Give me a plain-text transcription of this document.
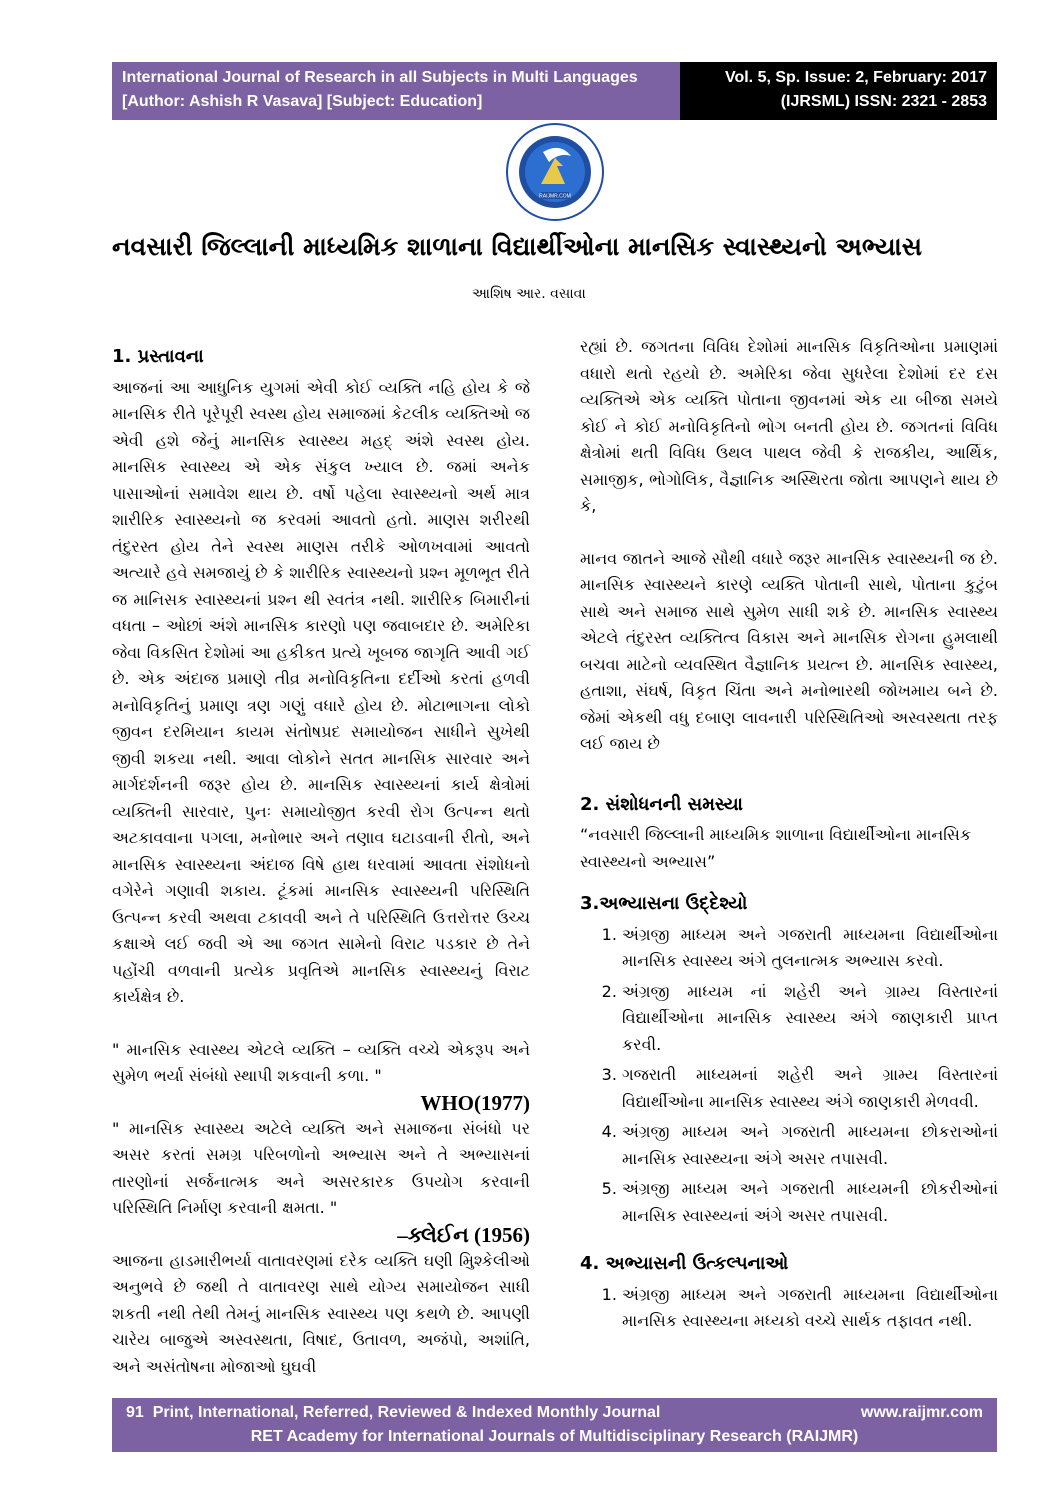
International Journal of Research in all Subjects in Multi Languages
[Author: Ashish R Vasava] [Subject: Education]
Vol. 5, Sp. Issue: 2, February: 2017
(IJRSML) ISSN: 2321 - 2853
RAIJMR.COM
નવસારી જિલ્લાની માધ્યમિક શાળાના વિદ્યાર્થીઓના માનસિક સ્વાસ્થ્યનો અભ્યાસ
આશિષ આર. વસાવા
1. પ્રસ્તાવના

આજનાં આ આધુનિક યુગમાં એવી કોઈ વ્યક્તિ નહિ હોય કે જે માનસિક રીતે પૂરેપૂરી સ્વસ્થ હોય સમાજમાં કેટલીક વ્યક્તિઓ જ એવી હશે જેનું માનસિક સ્વાસ્થ્ય મહદ્ અંશે સ્વસ્થ હોય. માનસિક સ્વાસ્થ્ય એ એક સંકુલ ખ્યાલ છે. જમાં અનેક પાસાઓનાં સમાવેશ થાય છે. વર્ષો પહેલા સ્વાસ્થ્યનો અર્થ માત્ર શારીરિક સ્વાસ્થ્યનો જ કરવમાં આવતો હતો. માણસ શરીરથી તંદુરસ્ત હોય તેને સ્વસ્થ માણસ તરીકે ઓળખવામાં આવતો અત્યારે હવે સમજાયું છે કે શારીરિક સ્વાસ્થ્યનો પ્રશ્ન મૂળભૂત રીતે જ માનિસક સ્વાસ્થ્યનાં પ્રશ્ન થી સ્વતંત્ર નથી. શારીરિક બિમારીનાં વધતા – ઓછાં અંશે માનસિક કારણો પણ જવાબદાર છે. અમેરિકા જેવા વિકસિત દેશોમાં આ હકીકત પ્રત્યે ખૂબજ જાગૃતિ આવી ગઈ છે. એક અંદાજ પ્રમાણે તીવ્ર મનોવિકૃતિના દર્દીઓ કરતાં હળવી મનોવિકૃતિનું પ્રમાણ ત્રણ ગણું વધારે હોય છે. મોટાભાગના લોકો જીવન દરમિયાન કાયમ સંતોષપ્રદ સમાયોજન સાધીને સુખેથી જીવી શકયા નથી. આવા લોકોને સતત માનસિક સારવાર અને માર્ગદર્શનની જરૂર હોય છે. માનસિક સ્વાસ્થ્યનાં કાર્ય ક્ષેત્રોમાં વ્યક્તિની સારવાર, પુનઃ સમાયોજીત કરવી રોગ ઉત્પન્ન થતો અટકાવવાના પગલા, મનોભાર અને તણાવ ઘટાડવાની રીતો, અને માનસિક સ્વાસ્થ્યના અંદાજ વિષે હાથ ધરવામાં આવતા સંશોધનો વગેરેને ગણાવી શકાય. ટૂંકમાં માનસિક સ્વાસ્થ્યની પરિસ્થિતિ ઉત્પન્ન કરવી અથવા ટકાવવી અને તે પરિસ્થિતિ ઉત્તરોત્તર ઉચ્ચ કક્ષાએ લઈ જવી એ આ જગત સામેનો વિરાટ પડકાર છે તેને પહોંચી વળવાની પ્રત્યેક પ્રવૃતિએ માનસિક સ્વાસ્થ્યનું વિરાટ કાર્યક્ષેત્ર છે.

" માનસિક સ્વાસ્થ્ય એટલે વ્યક્તિ – વ્યક્તિ વચ્ચે એકરૂપ અને સુમેળ ભર્યા સંબંધો સ્થાપી શકવાની કળા. "

WHO(1977)

" માનસિક સ્વાસ્થ્ય અટેલે વ્યક્તિ અને સમાજના સંબંધો પર અસર કરતાં સમગ્ર પરિબળોનો અભ્યાસ અને તે અભ્યાસનાં તારણોનાં સર્જનાત્મક અને અસરકારક ઉપયોગ કરવાની પરિસ્થિતિ નિર્માણ કરવાની ક્ષમતા. "

–ક્લેઈન (1956)

આજના હાડમારીભર્યા વાતાવરણમાં દરેક વ્યક્તિ ઘણી મુિશ્કેલીઓ અનુભવે છે જથી તે વાતાવરણ સાથે યોગ્ય સમાયોજન સાધી શકતી નથી તેથી તેમનું માનસિક સ્વાસ્થ્ય પણ કથળે છે. આપણી ચારેય બાજુએ અસ્વસ્થતા, વિષાદ, ઉતાવળ, અજંપો, અશાંતિ, અને અસંતોષના મોજાઓ ઘુઘવી

રહ્યાં છે. જગતના વિવિધ દેશોમાં માનસિક વિકૃતિઓના પ્રમાણમાં વધારો થતો રહયો છે. અમેરિકા જેવા સુધરેલા દેશોમાં દર દસ વ્યક્તિએ એક વ્યક્તિ પોતાના જીવનમાં એક યા બીજા સમયે કોઈ ને કોઈ મનોવિકૃતિનો ભોગ બનતી હોય છે. જગતનાં વિવિધ ક્ષેત્રોમાં થતી વિવિધ ઉથલ પાથલ જેવી કે રાજકીય, આર્થિક, સમાજીક, ભોગોલિક, વૈજ્ઞાનિક અસ્થિરતા જોતા આપણને થાય છે કે,

માનવ જાતને આજે સૌથી વધારે જરૂર માનસિક સ્વાસ્થ્યની જ છે. માનસિક સ્વાસ્થ્યને કારણે વ્યક્તિ પોતાની સાથે, પોતાના કુટુંબ સાથે અને સમાજ સાથે સુમેળ સાધી શકે છે. માનસિક સ્વાસ્થ્ય એટલે તંદુરસ્ત વ્યક્તિત્વ વિકાસ અને માનસિક રોગના હુમલાથી બચવા માટેનો વ્યવસ્થિત વૈજ્ઞાનિક પ્રયત્ન છે. માનસિક સ્વાસ્થ્ય, હતાશા, સંઘર્ષ, વિકૃત ચિંતા અને મનોભારથી જોખમાય બને છે. જેમાં એકથી વધુ દબાણ લાવનારી પરિસ્થિતિઓ અસ્વસ્થતા તરફ લઈ જાય છે

2. સંશોધનની સમસ્યા

“નવસારી જિલ્લાની માધ્યમિક શાળાના વિદ્યાર્થીઓના માનસિક સ્વાસ્થ્યનો અભ્યાસ”

3.અભ્યાસના ઉદ્દેશ્યો
1. અંગ્રજી માધ્યમ અને ગજરાતી માધ્યમના વિદ્યાર્થીઓના માનસિક સ્વાસ્થ્ય અંગે તુલનાત્મક અભ્યાસ કરવો.
2. અંગ્રજી માધ્યમ નાં શહેરી અને ગ્રામ્ય વિસ્તારનાં વિદ્યાર્થીઓના માનસિક સ્વાસ્થ્ય અંગે જાણકારી પ્રાપ્ત કરવી.
3. ગજરાતી માધ્યમનાં શહેરી અને ગ્રામ્ય વિસ્તારનાં વિદ્યાર્થીઓના માનસિક સ્વાસ્થ્ય અંગે જાણકારી મેળવવી.
4. અંગ્રજી માધ્યમ અને ગજરાતી માધ્યમના છોકરાઓનાં માનસિક સ્વાસ્થ્યના અંગે અસર તપાસવી.
5. અંગ્રજી માધ્યમ અને ગજરાતી માધ્યમની છોકરીઓનાં માનસિક સ્વાસ્થ્યનાં અંગે અસર તપાસવી.
4. અભ્યાસની ઉત્કલ્પનાઓ
1. અંગ્રજી માધ્યમ અને ગજરાતી માધ્યમના વિદ્યાર્થીઓના માનસિક સ્વાસ્થ્યના મધ્યકો વચ્ચે સાર્થક તફાવત નથી.
91 Print, International, Referred, Reviewed & Indexed Monthly Journal	www.raijmr.com
RET Academy for International Journals of Multidisciplinary Research (RAIJMR)
